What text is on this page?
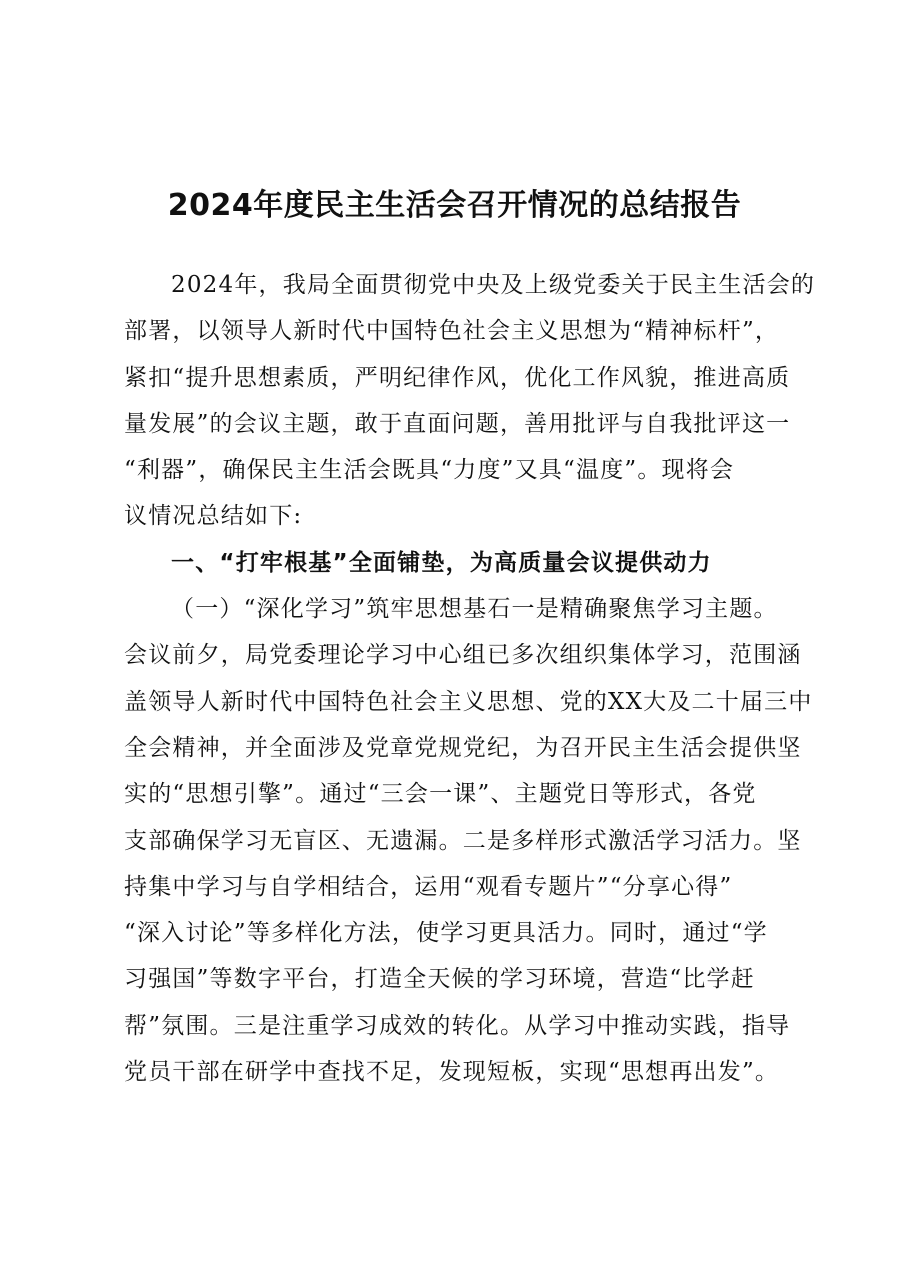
2024年度民主生活会召开情况的总结报告
2024年，我局全面贯彻党中央及上级党委关于民主生活会的
部署，以领导人新时代中国特色社会主义思想为“精神标杆”，
紧扣“提升思想素质，严明纪律作风，优化工作风貌，推进高质
量发展”的会议主题，敢于直面问题，善用批评与自我批评这一
“利器”，确保民主生活会既具“力度”又具“温度”。现将会
议情况总结如下:
一、“打牢根基”全面铺垫，为高质量会议提供动力
（一）“深化学习”筑牢思想基石一是精确聚焦学习主题。
会议前夕，局党委理论学习中心组已多次组织集体学习，范围涵
盖领导人新时代中国特色社会主义思想、党的XX大及二十届三中
全会精神，并全面涉及党章党规党纪，为召开民主生活会提供坚
实的“思想引擎”。通过“三会一课”、主题党日等形式，各党
支部确保学习无盲区、无遗漏。二是多样形式激活学习活力。坚
持集中学习与自学相结合，运用“观看专题片”“分享心得”
“深入讨论”等多样化方法，使学习更具活力。同时，通过“学
习强国”等数字平台，打造全天候的学习环境，营造“比学赶
帮”氛围。三是注重学习成效的转化。从学习中推动实践，指导
党员干部在研学中查找不足，发现短板，实现“思想再出发”。
